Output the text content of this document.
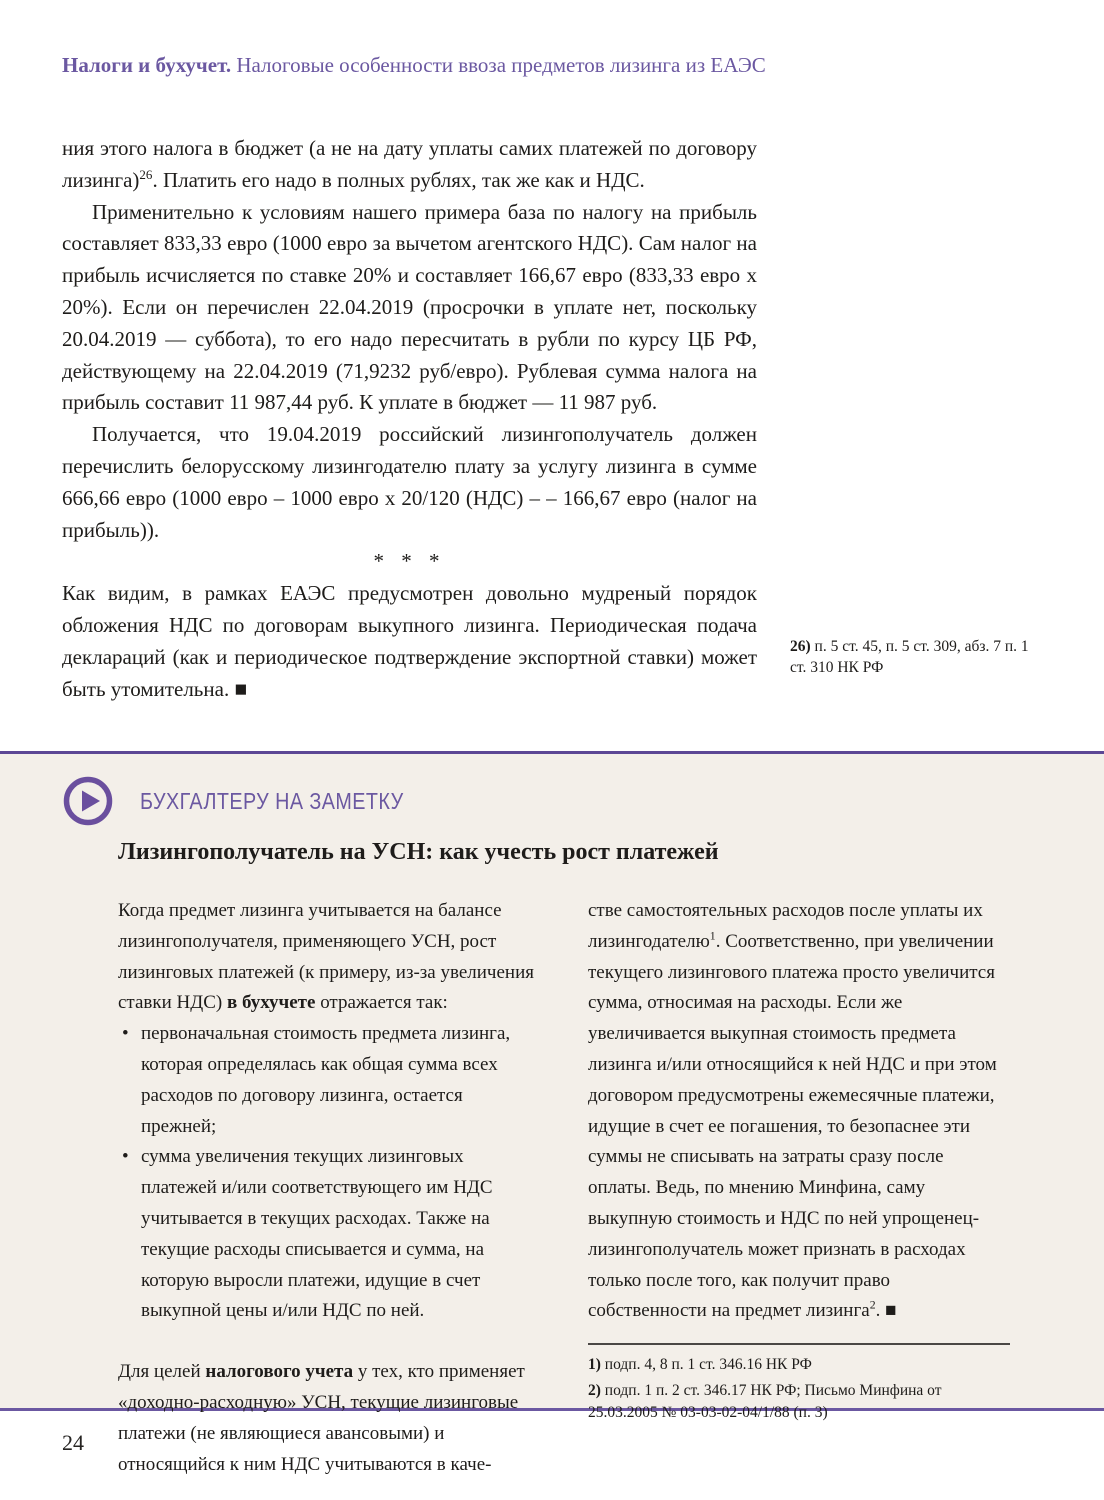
Налоги и бухучет. Налоговые особенности ввоза предметов лизинга из ЕАЭС

ния этого налога в бюджет (а не на дату уплаты самих платежей по договору лизинга)$^{26}$. Платить его надо в полных рублях, так же как и НДС.

Применительно к условиям нашего примера база по налогу на прибыль составляет 833,33 евро (1000 евро за вычетом агентского НДС). Сам налог на прибыль исчисляется по ставке 20% и составляет 166,67 евро (833,33 евро х 20%). Если он перечислен 22.04.2019 (просрочки в уплате нет, поскольку 20.04.2019 — суббота), то его надо пересчитать в рубли по курсу ЦБ РФ, действующему на 22.04.2019 (71,9232 руб/евро). Рублевая сумма налога на прибыль составит 11 987,44 руб. К уплате в бюджет — 11 987 руб.

Получается, что 19.04.2019 российский лизингополучатель должен перечислить белорусскому лизингодателю плату за услугу лизинга в сумме 666,66 евро (1000 евро – 1000 евро х 20/120 (НДС) – – 166,67 евро (налог на прибыль)).

* * *

Как видим, в рамках ЕАЭС предусмотрен довольно мудреный порядок обложения НДС по договорам выкупного лизинга. Периодическая подача деклараций (как и периодическое подтверждение экспортной ставки) может быть утомительна. ■

26) п. 5 ст. 45, п. 5 ст. 309, абз. 7 п. 1 ст. 310 НК РФ
БУХГАЛТЕРУ НА ЗАМЕТКУ
Лизингополучатель на УСН: как учесть рост платежей

Когда предмет лизинга учитывается на балансе лизингополучателя, применяющего УСН, рост лизинговых платежей (к примеру, из-за увеличения ставки НДС) в бухучете отражается так:

• первоначальная стоимость предмета лизинга, которая определялась как общая сумма всех расходов по договору лизинга, остается прежней;
• сумма увеличения текущих лизинговых платежей и/или соответствующего им НДС учитывается в текущих расходах. Также на текущие расходы списывается и сумма, на которую выросли платежи, идущие в счет выкупной цены и/или НДС по ней.

Для целей налогового учета у тех, кто применяет «доходно-расходную» УСН, текущие лизинговые платежи (не являющиеся авансовыми) и относящийся к ним НДС учитываются в каче-

стве самостоятельных расходов после уплаты их лизингодателю$^1$. Соответственно, при увеличении текущего лизингового платежа просто увеличится сумма, относимая на расходы. Если же увеличивается выкупная стоимость предмета лизинга и/или относящийся к ней НДС и при этом договором предусмотрены ежемесячные платежи, идущие в счет ее погашения, то безопаснее эти суммы не списывать на затраты сразу после оплаты. Ведь, по мнению Минфина, саму выкупную стоимость и НДС по ней упрощенец-лизингополучатель может признать в расходах только после того, как получит право собственности на предмет лизинга$^2$. ■

1) подп. 4, 8 п. 1 ст. 346.16 НК РФ

2) подп. 1 п. 2 ст. 346.17 НК РФ; Письмо Минфина от 25.03.2005 № 03-03-02-04/1/88 (п. 3)

24
